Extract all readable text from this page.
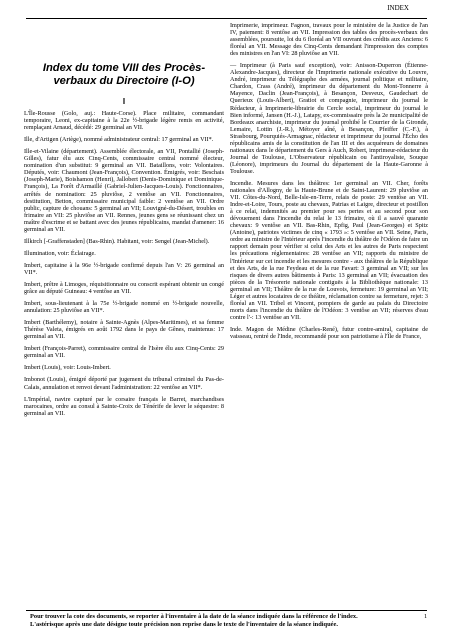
INDEX
Index du tome VIII des Procès-verbaux du Directoire (I-O)
I
L'Île-Rousse (Golo, auj.: Haute-Corse). Place militaire, commandant temporaire, Leoni, ex-capitaine à la 22e ½-brigade légère remis en activité, remplaçant Arnaud, décédé: 29 germinal an VII.
Ille, d'Artigen (Ariège), nommé administrateur central: 17 germinal an VII*.
Ille-et-Vilaine (département). Assemblée électorale, an VII, Pontallié (Joseph-Gilles), fatur élu aux Cinq-Cents, commissaire central nommé électeur, nomination d'un substitut: 9 germinal an VII. Bataillons, voir: Volontaires. Députés, voir: Chaumont (Jean-François), Convention. Émigrés, voir: Beschais (Joseph-Marie), Boishamon (Henri), Jallobert (Denis-Dominique et Dominique-François), La Forêt d'Armaillé (Gabriel-Julien-Jacques-Louis). Fonctionnaires, arrêtés de nomination: 25 pluviôse, 2 ventôse an VII. Fonctionnaires, destitution, Betton, commissaire municipal faible: 2 ventôse an VII. Ordre public, capture de chouans: 5 germinal an VII; Louvigné-du-Désert, troubles en frimaire an VII: 25 pluviôse an VII. Rennes, jeunes gens se réunissant chez un maître d'escrime et se battant avec des jeunes républicains, mandat d'amener: 16 germinal an VII.
Illkirch [-Graffenstaden] (Bas-Rhin). Habitant, voir: Sengel (Jean-Michel).
Illumination, voir: Éclairage.
Imbert, capitaine à la 96e ½-brigade confirmé depuis l'an V: 26 germinal an VII*.
Imbert, prêtre à Limoges, réquisitionnaire ou conscrit espérant obtenir un congé grâce au député Guineau: 4 ventôse an VII.
Imbert, sous-lieutenant à la 75e ½-brigade nommé en ½-brigade nouvelle, annulation: 25 pluviôse an VII*.
Imbert (Barthélemy), notaire à Sainte-Agnès (Alpes-Maritimes), et sa femme Thérèse Valeta, émigrés en août 1792 dans le pays de Gênes, maintenus: 17 germinal an VII.
Imbert (François-Parret), commissaire central de l'Isère élu aux Cinq-Cents: 29 germinal an VII.
Imbert (Louis), voir: Louis-Imbert.
Imbonot (Louis), émigré déporté par jugement du tribunal criminel du Pas-de-Calais, annulation et renvoi devant l'administration: 22 ventôse an VII*.
L'Impérial, navire capturé par le corsaire français le Barret, marchandises marocaines, ordre au consul à Sainte-Croix de Ténérife de lever le séquestre: 8 germinal an VII.
Imprimerie, imprimeur. Fagnon, travaux pour le ministère de la Justice de l'an IV, paiement: 8 ventôse an VII. Impression des tables des procès-verbaux des assemblées, poursuite, loi du 6 floréal an VII ouvrant des crédits aux Anciens: 6 floréal an VII. Message des Cinq-Cents demandant l'impression des comptes des ministres en l'an VI: 28 pluviôse an VII.
— Imprimeur (à Paris sauf exception), voir: Anisson-Duperron (Étienne-Alexandre-Jacques), directeur de l'Imprimerie nationale exécutive du Louvre, André, imprimeur du Télégraphe des armées, journal politique et militaire, Chardon, Crass (André), imprimeur du département du Mont-Tonnerre à Mayence, Daclin (Jean-François), à Besançon, Desveux, Gaudechart de Querieux (Louis-Albert), Gratiot et compagnie, imprimeur du journal le Rédacteur, à Imprimerie-librairie du Cercle social, imprimeur du journal le Bien informé, Jansen (H.-J.), Latapy, ex-commissaire près la 2e municipalité de Bordeaux anarchiste, imprimeur du journal prohibé le Courrier de la Gironde, Lemaire, Lottin (J.-R.), Métoyer aîné, à Besançon, Pfeiffer (C.-F.), à Strasbourg, Pourquiés-Armagnac, rédacteur et imprimeur du journal l'Écho des républicains amis de la constitution de l'an III et des acquéreurs de domaines nationaux dans le département du Gers à Auch, Robert, imprimeur-rédacteur du Journal de Toulouse, L'Observateur républicain ou l'antiroyaliste, Souque (Léonore), imprimeurs du Journal du département de la Haute-Garonne à Toulouse.
Incendie. Mesures dans les théâtres: 1er germinal an VII. Cher, forêts nationales d'Allogny, de la Haute-Brune et de Saint-Laurent: 29 pluviôse an VII. Côtes-du-Nord, Belle-Isle-en-Terre, relais de poste: 29 ventôse an VII. Indre-et-Loire, Tours, poste au chevaux, Patrias et Laigre, directeur et postillon à ce relai, indemnités au premier pour ses pertes et au second pour son dévouement dans l'incendie du relai le 13 frimaire, où il a sauvé quarante chevaux: 9 ventôse an VII. Bas-Rhin, Epfig, Paul (Jean-Georges) et Spitz (Antoine), patriotes victimes de cinq « 1793 »: 5 ventôse an VII. Seine, Paris, ordre au ministre de l'Intérieur après l'incendie du théâtre de l'Odéon de faire un rapport demain pour vérifier si celui des Arts et les autres de Paris respectent les précautions réglementaires: 28 ventôse an VII; rapports du ministre de l'Intérieur sur cet incendie et les mesures contre - aux théâtres de la République et des Arts, de la rue Feydeau et de la rue Favart: 3 germinal an VII; sur les risques de divers autres bâtiments à Paris: 13 germinal an VII; évacuation des pièces de la Trésorerie nationale contiguës à la Bibliothèque nationale: 13 germinal an VII; Théâtre de la rue de Louvois, fermeture: 19 germinal an VII; Léger et autres locataires de ce théâtre, réclamation contre sa fermeture, rejet: 3 floréal an VII. Tribel et Vincent, pompiers de garde au palais du Directoire morts dans l'incendie du théâtre de l'Odéon: 3 ventôse an VII; réserves d'eau contre l'-: 13 ventôse an VII.
Inde. Magon de Médine (Charles-René), futur contre-amiral, capitaine de vaisseau, rentré de l'Inde, recommandé pour son patriotisme à l'Île de France,
Pour trouver la cote des documents, se reporter à l'inventaire à la date de la séance indiquée dans la référence de l'index. L'astérisque après une date désigne toute précision non reprise dans le texte de l'inventaire de la séance indiquée.
1
